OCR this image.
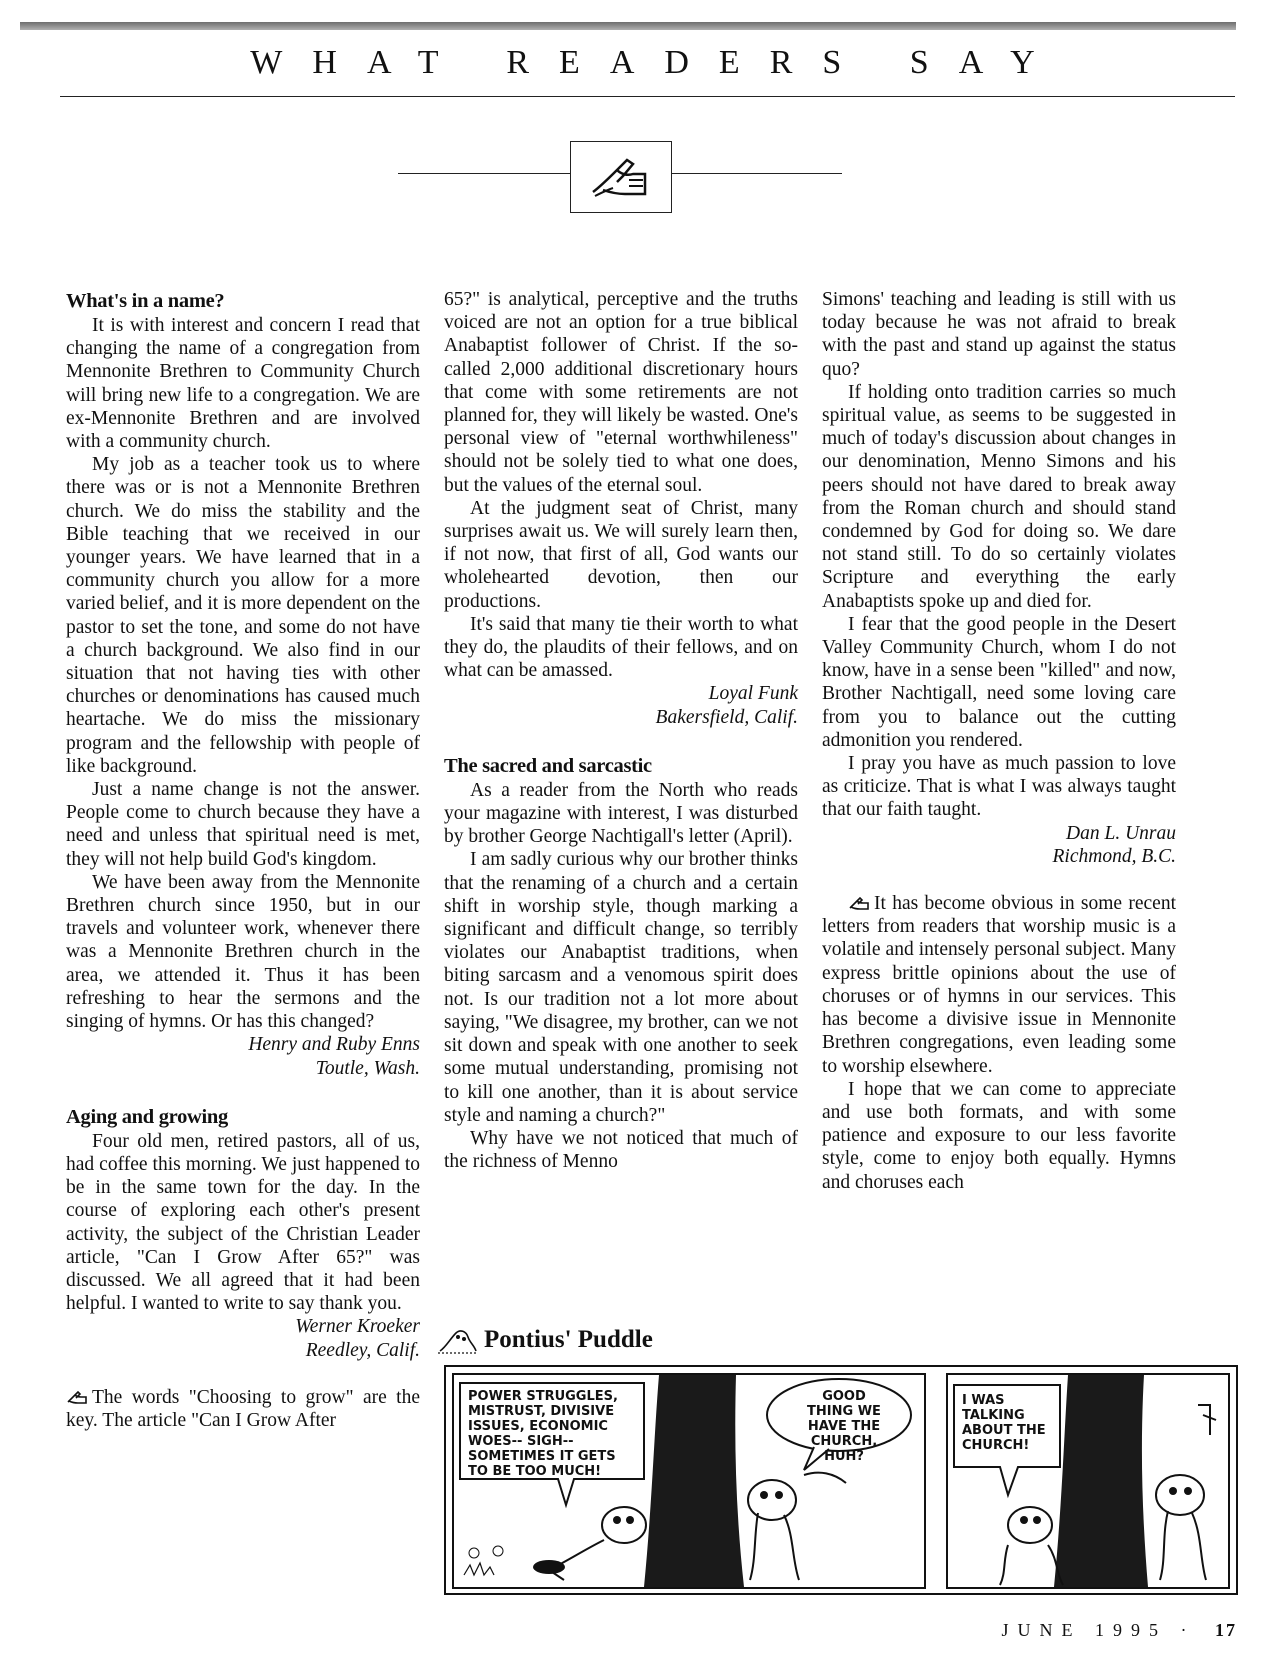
WHAT READERS SAY
What's in a name?

It is with interest and concern I read that changing the name of a congregation from Mennonite Brethren to Community Church will bring new life to a congregation. We are ex-Mennonite Brethren and are involved with a community church.

My job as a teacher took us to where there was or is not a Mennonite Brethren church. We do miss the stability and the Bible teaching that we received in our younger years. We have learned that in a community church you allow for a more varied belief, and it is more dependent on the pastor to set the tone, and some do not have a church background. We also find in our situation that not having ties with other churches or denominations has caused much heartache. We do miss the missionary program and the fellowship with people of like background.

Just a name change is not the answer. People come to church because they have a need and unless that spiritual need is met, they will not help build God's kingdom.

We have been away from the Mennonite Brethren church since 1950, but in our travels and volunteer work, whenever there was a Mennonite Brethren church in the area, we attended it. Thus it has been refreshing to hear the sermons and the singing of hymns. Or has this changed?

Henry and Ruby Enns

Toutle, Wash.

Aging and growing

Four old men, retired pastors, all of us, had coffee this morning. We just happened to be in the same town for the day. In the course of exploring each other's present activity, the subject of the Christian Leader article, "Can I Grow After 65?" was discussed. We all agreed that it had been helpful. I wanted to write to say thank you.

Werner Kroeker

Reedley, Calif.

The words "Choosing to grow" are the key. The article "Can I Grow After

65?" is analytical, perceptive and the truths voiced are not an option for a true biblical Anabaptist follower of Christ. If the so-called 2,000 additional discretionary hours that come with some retirements are not planned for, they will likely be wasted. One's personal view of "eternal worthwhileness" should not be solely tied to what one does, but the values of the eternal soul.

At the judgment seat of Christ, many surprises await us. We will surely learn then, if not now, that first of all, God wants our wholehearted devotion, then our productions.

It's said that many tie their worth to what they do, the plaudits of their fellows, and on what can be amassed.

Loyal Funk

Bakersfield, Calif.

The sacred and sarcastic

As a reader from the North who reads your magazine with interest, I was disturbed by brother George Nachtigall's letter (April).

I am sadly curious why our brother thinks that the renaming of a church and a certain shift in worship style, though marking a significant and difficult change, so terribly violates our Anabaptist traditions, when biting sarcasm and a venomous spirit does not. Is our tradition not a lot more about saying, "We disagree, my brother, can we not sit down and speak with one another to seek some mutual understanding, promising not to kill one another, than it is about service style and naming a church?"

Why have we not noticed that much of the richness of Menno

Simons' teaching and leading is still with us today because he was not afraid to break with the past and stand up against the status quo?

If holding onto tradition carries so much spiritual value, as seems to be suggested in much of today's discussion about changes in our denomination, Menno Simons and his peers should not have dared to break away from the Roman church and should stand condemned by God for doing so. We dare not stand still. To do so certainly violates Scripture and everything the early Anabaptists spoke up and died for.

I fear that the good people in the Desert Valley Community Church, whom I do not know, have in a sense been "killed" and now, Brother Nachtigall, need some loving care from you to balance out the cutting admonition you rendered.

I pray you have as much passion to love as criticize. That is what I was always taught that our faith taught.

Dan L. Unrau

Richmond, B.C.

It has become obvious in some recent letters from readers that worship music is a volatile and intensely personal subject. Many express brittle opinions about the use of choruses or of hymns in our services. This has become a divisive issue in Mennonite Brethren congregations, even leading some to worship elsewhere.

I hope that we can come to appreciate and use both formats, and with some patience and exposure to our less favorite style, come to enjoy both equally. Hymns and choruses each

Pontius' Puddle
POWER STRUGGLES,
MISTRUST, DIVISIVE
ISSUES, ECONOMIC
WOES-- SIGH--
SOMETIMES IT GETS
TO BE TOO MUCH!
GOOD
THING WE
HAVE THE
CHURCH, HUH?
I WAS
TALKING
ABOUT THE
CHURCH!
JUNE 1995 · 17
